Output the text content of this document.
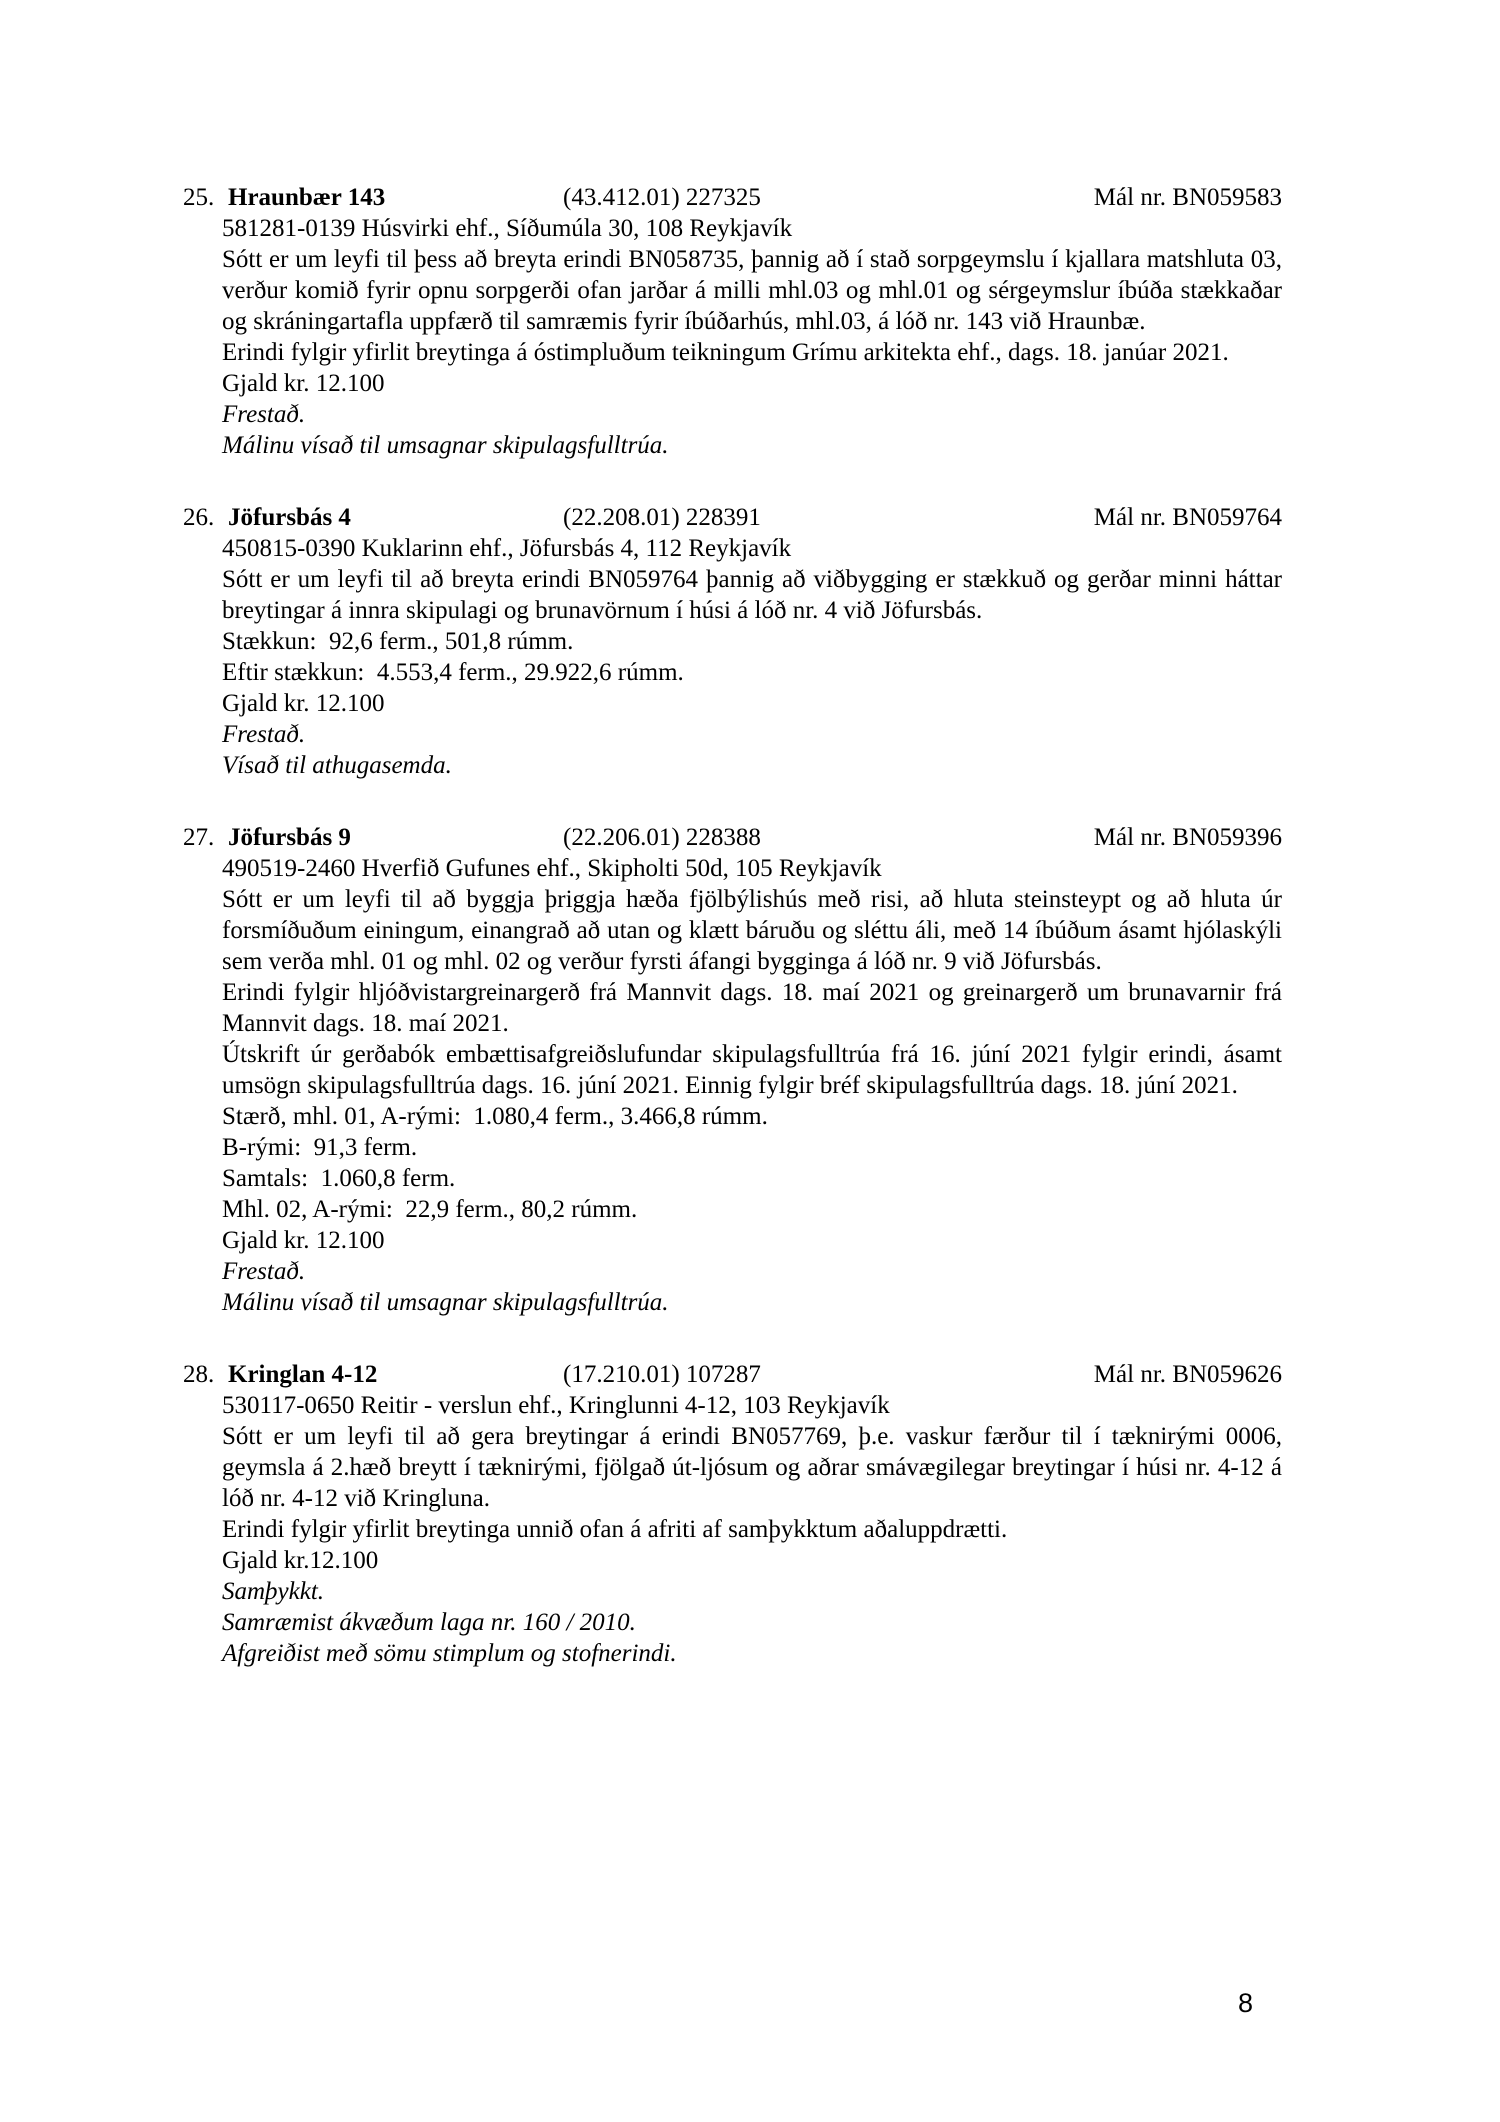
25. Hraunbær 143	(43.412.01) 227325	Mál nr. BN059583
581281-0139 Húsvirki ehf., Síðumúla 30, 108 Reykjavík
Sótt er um leyfi til þess að breyta erindi BN058735, þannig að í stað sorpgeymslu í kjallara matshluta 03, verður komið fyrir opnu sorpgerði ofan jarðar á milli mhl.03 og mhl.01 og sérgeymslur íbúða stækkaðar og skráningartafla uppfærð til samræmis fyrir íbúðarhús, mhl.03, á lóð nr. 143 við Hraunbæ.
Erindi fylgir yfirlit breytinga á óstimpluðum teikningum Grímu arkitekta ehf., dags. 18. janúar 2021.
Gjald kr. 12.100
Frestað.
Málinu vísað til umsagnar skipulagsfulltrúa.
26. Jöfursbás 4	(22.208.01) 228391	Mál nr. BN059764
450815-0390 Kuklarinn ehf., Jöfursbás 4, 112 Reykjavík
Sótt er um leyfi til að breyta erindi BN059764 þannig að viðbygging er stækkuð og gerðar minni háttar breytingar á innra skipulagi og brunavörnum í húsi á lóð nr. 4 við Jöfursbás.
Stækkun:  92,6 ferm., 501,8 rúmm.
Eftir stækkun:  4.553,4 ferm., 29.922,6 rúmm.
Gjald kr. 12.100
Frestað.
Vísað til athugasemda.
27. Jöfursbás 9	(22.206.01) 228388	Mál nr. BN059396
490519-2460 Hverfið Gufunes ehf., Skipholti 50d, 105 Reykjavík
Sótt er um leyfi til að byggja þriggja hæða fjölbýlishús með risi, að hluta steinsteypt og að hluta úr forsmíðuðum einingum, einangrað að utan og klætt báruðu og sléttu áli, með 14 íbúðum ásamt hjólaskýli sem verða mhl. 01 og mhl. 02 og verður fyrsti áfangi bygginga á lóð nr. 9 við Jöfursbás.
Erindi fylgir hljóðvistargreinargerð frá Mannvit dags. 18. maí 2021 og greinargerð um brunavarnir frá Mannvit dags. 18. maí 2021.
Útskrift úr gerðabók embættisafgreiðslufundar skipulagsfulltrúa frá 16. júní 2021 fylgir erindi, ásamt umsögn skipulagsfulltrúa dags. 16. júní 2021. Einnig fylgir bréf skipulagsfulltrúa dags. 18. júní 2021.
Stærð, mhl. 01, A-rými:  1.080,4 ferm., 3.466,8 rúmm.
B-rými:  91,3 ferm.
Samtals:  1.060,8 ferm.
Mhl. 02, A-rými:  22,9 ferm., 80,2 rúmm.
Gjald kr. 12.100
Frestað.
Málinu vísað til umsagnar skipulagsfulltrúa.
28. Kringlan 4-12	(17.210.01) 107287	Mál nr. BN059626
530117-0650 Reitir - verslun ehf., Kringlunni 4-12, 103 Reykjavík
Sótt er um leyfi til að gera breytingar á erindi BN057769, þ.e. vaskur færður til í tæknirými 0006, geymsla á 2.hæð breytt í tæknirými, fjölgað út-ljósum og aðrar smávægilegar breytingar í húsi nr. 4-12 á lóð nr. 4-12 við Kringluna.
Erindi fylgir yfirlit breytinga unnið ofan á afriti af samþykktum aðaluppdrætti.
Gjald kr.12.100
Samþykkt.
Samræmist ákvæðum laga nr. 160 / 2010.
Afgreiðist með sömu stimplum og stofnerindi.
8
